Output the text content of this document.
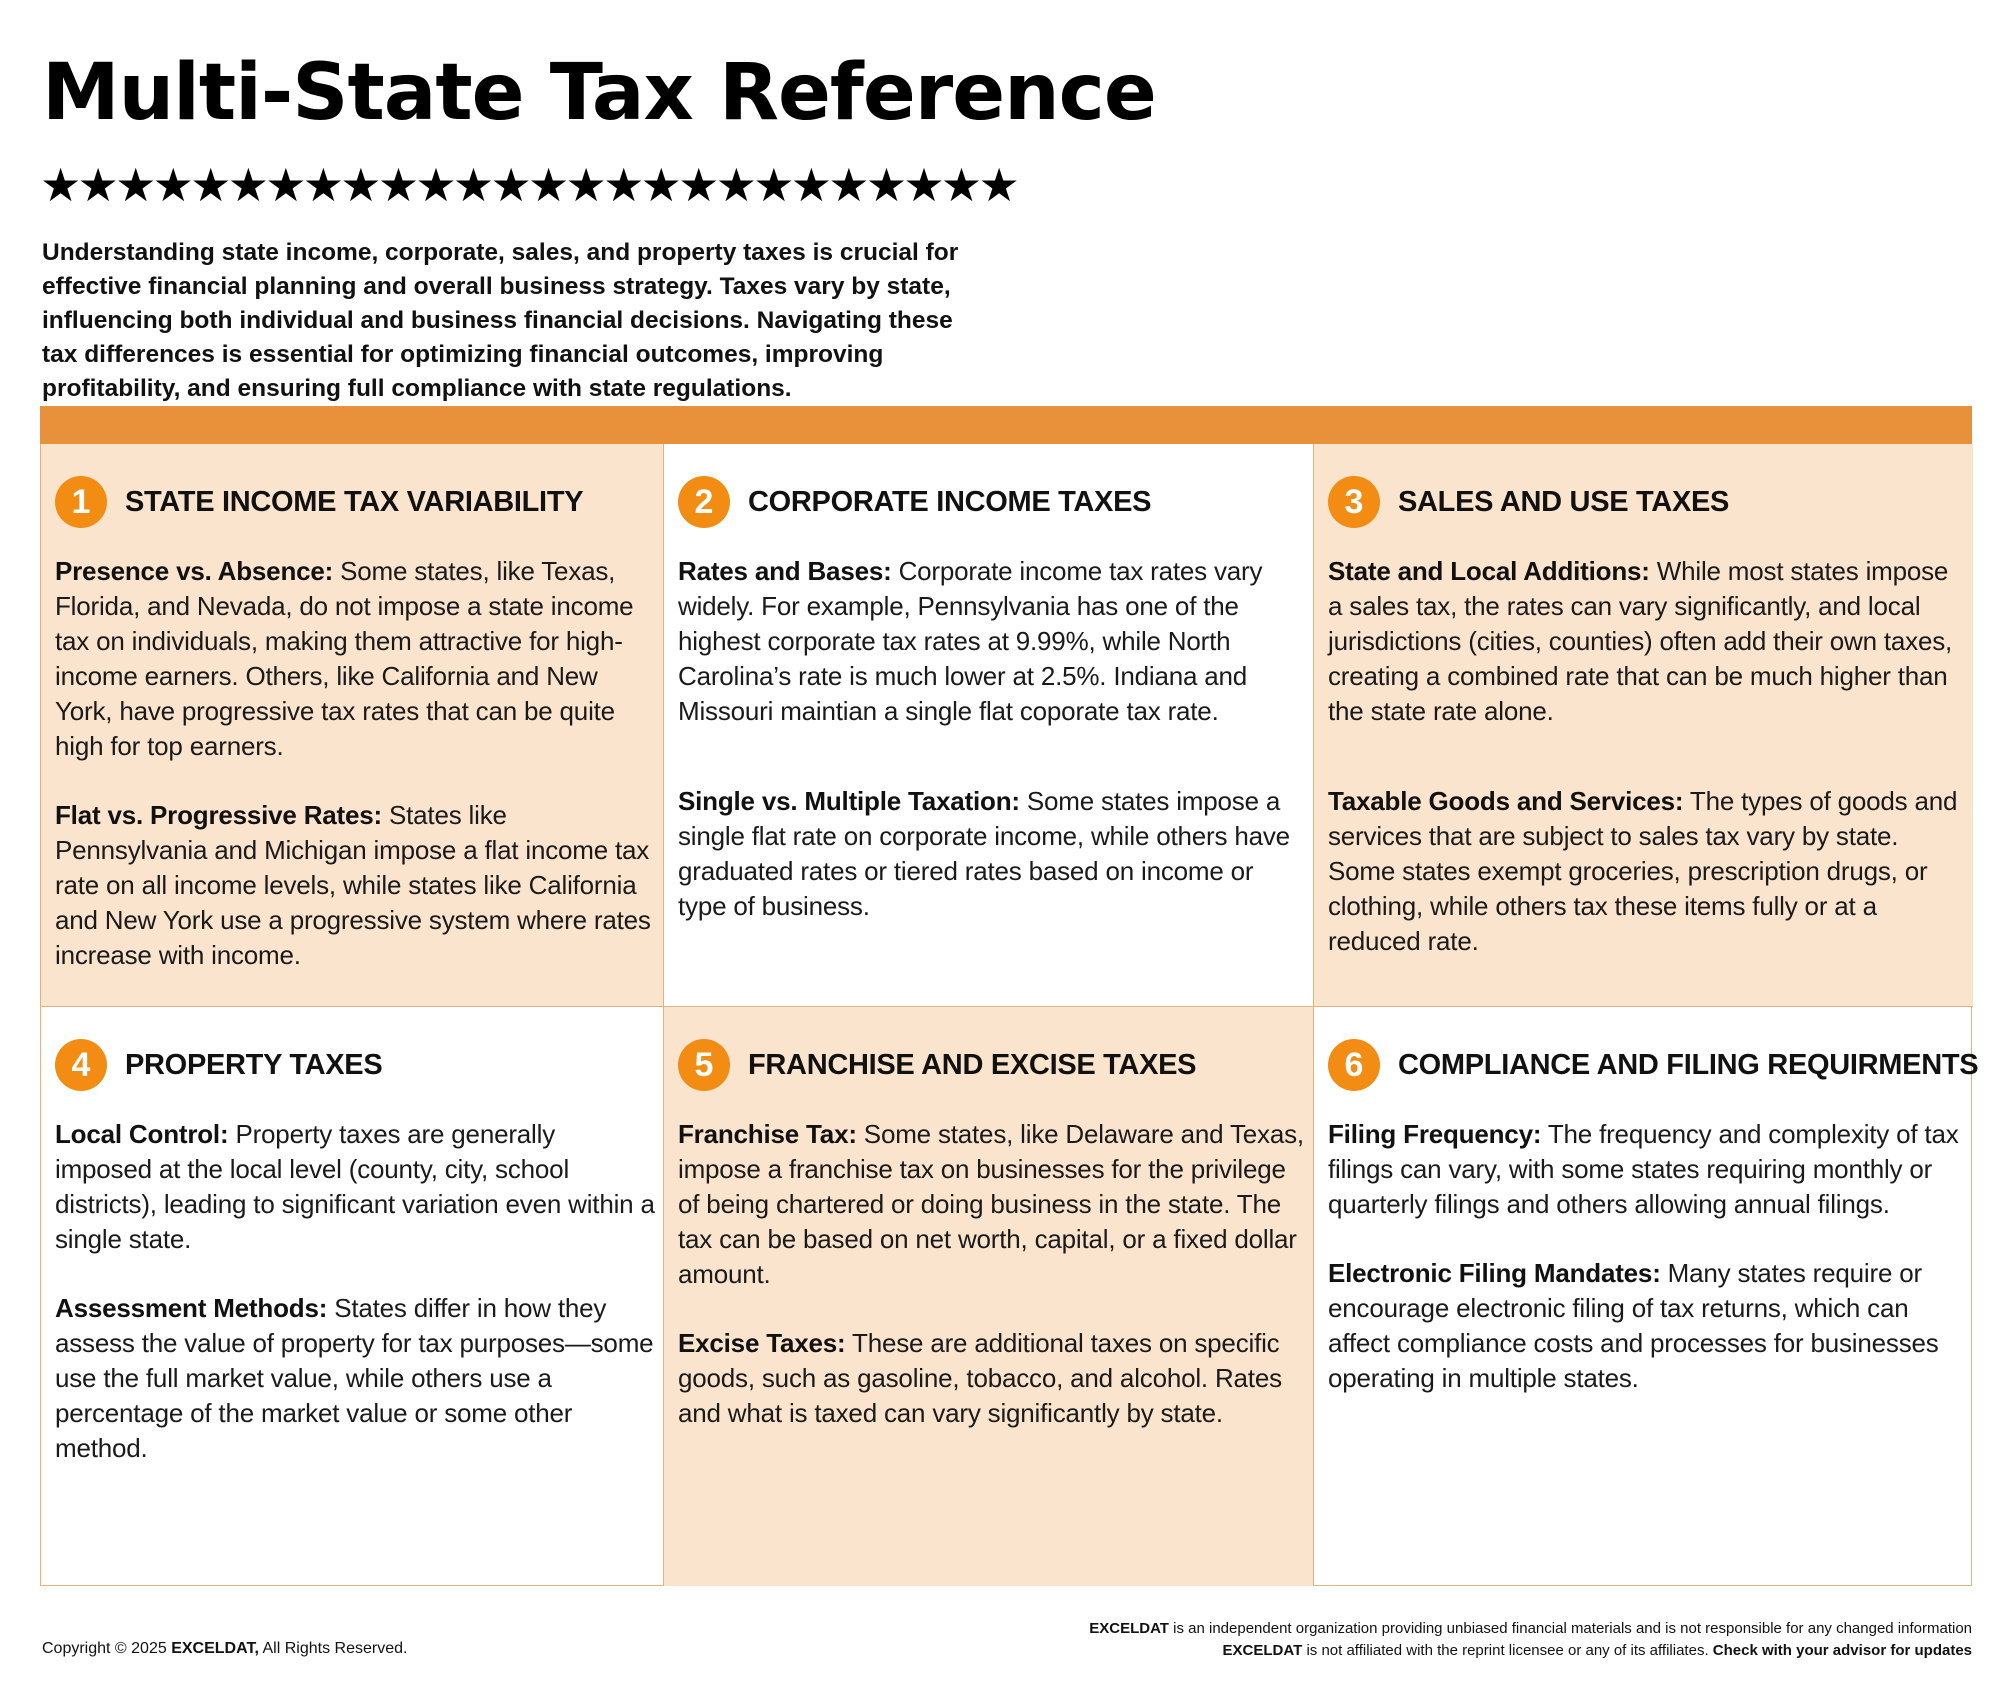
Multi-State Tax Reference
★★★★★★★★★★★★★★★★★★★★★★★★★★

Understanding state income, corporate, sales, and property taxes is crucial for effective financial planning and overall business strategy. Taxes vary by state, influencing both individual and business financial decisions. Navigating these tax differences is essential for optimizing financial outcomes, improving profitability, and ensuring full compliance with state regulations.

1	STATE INCOME TAX VARIABILITY

Presence vs. Absence: Some states, like Texas, Florida, and Nevada, do not impose a state income tax on individuals, making them attractive for high-income earners. Others, like California and New York, have progressive tax rates that can be quite high for top earners.

Flat vs. Progressive Rates: States like Pennsylvania and Michigan impose a flat income tax rate on all income levels, while states like California and New York use a progressive system where rates increase with income.

2	CORPORATE INCOME TAXES

Rates and Bases: Corporate income tax rates vary widely. For example, Pennsylvania has one of the highest corporate tax rates at 9.99%, while North Carolina’s rate is much lower at 2.5%. Indiana and Missouri maintian a single flat coporate tax rate.

Single vs. Multiple Taxation: Some states impose a single flat rate on corporate income, while others have graduated rates or tiered rates based on income or type of business.

3	SALES AND USE TAXES

State and Local Additions: While most states impose a sales tax, the rates can vary significantly, and local jurisdictions (cities, counties) often add their own taxes, creating a combined rate that can be much higher than the state rate alone.

Taxable Goods and Services: The types of goods and services that are subject to sales tax vary by state. Some states exempt groceries, prescription drugs, or clothing, while others tax these items fully or at a reduced rate.

4	PROPERTY TAXES

Local Control: Property taxes are generally imposed at the local level (county, city, school districts), leading to significant variation even within a single state.

Assessment Methods: States differ in how they assess the value of property for tax purposes—some use the full market value, while others use a percentage of the market value or some other method.

5	FRANCHISE AND EXCISE TAXES

Franchise Tax: Some states, like Delaware and Texas, impose a franchise tax on businesses for the privilege of being chartered or doing business in the state. The tax can be based on net worth, capital, or a fixed dollar amount.

Excise Taxes: These are additional taxes on specific goods, such as gasoline, tobacco, and alcohol. Rates and what is taxed can vary significantly by state.

6	COMPLIANCE AND FILING REQUIRMENTS

Filing Frequency: The frequency and complexity of tax filings can vary, with some states requiring monthly or quarterly filings and others allowing annual filings.

Electronic Filing Mandates: Many states require or encourage electronic filing of tax returns, which can affect compliance costs and processes for businesses operating in multiple states.

Copyright © 2025 EXCELDAT, All Rights Reserved.
EXCELDAT is an independent organization providing unbiased financial materials and is not responsible for any changed information
EXCELDAT is not affiliated with the reprint licensee or any of its affiliates. Check with your advisor for updates
